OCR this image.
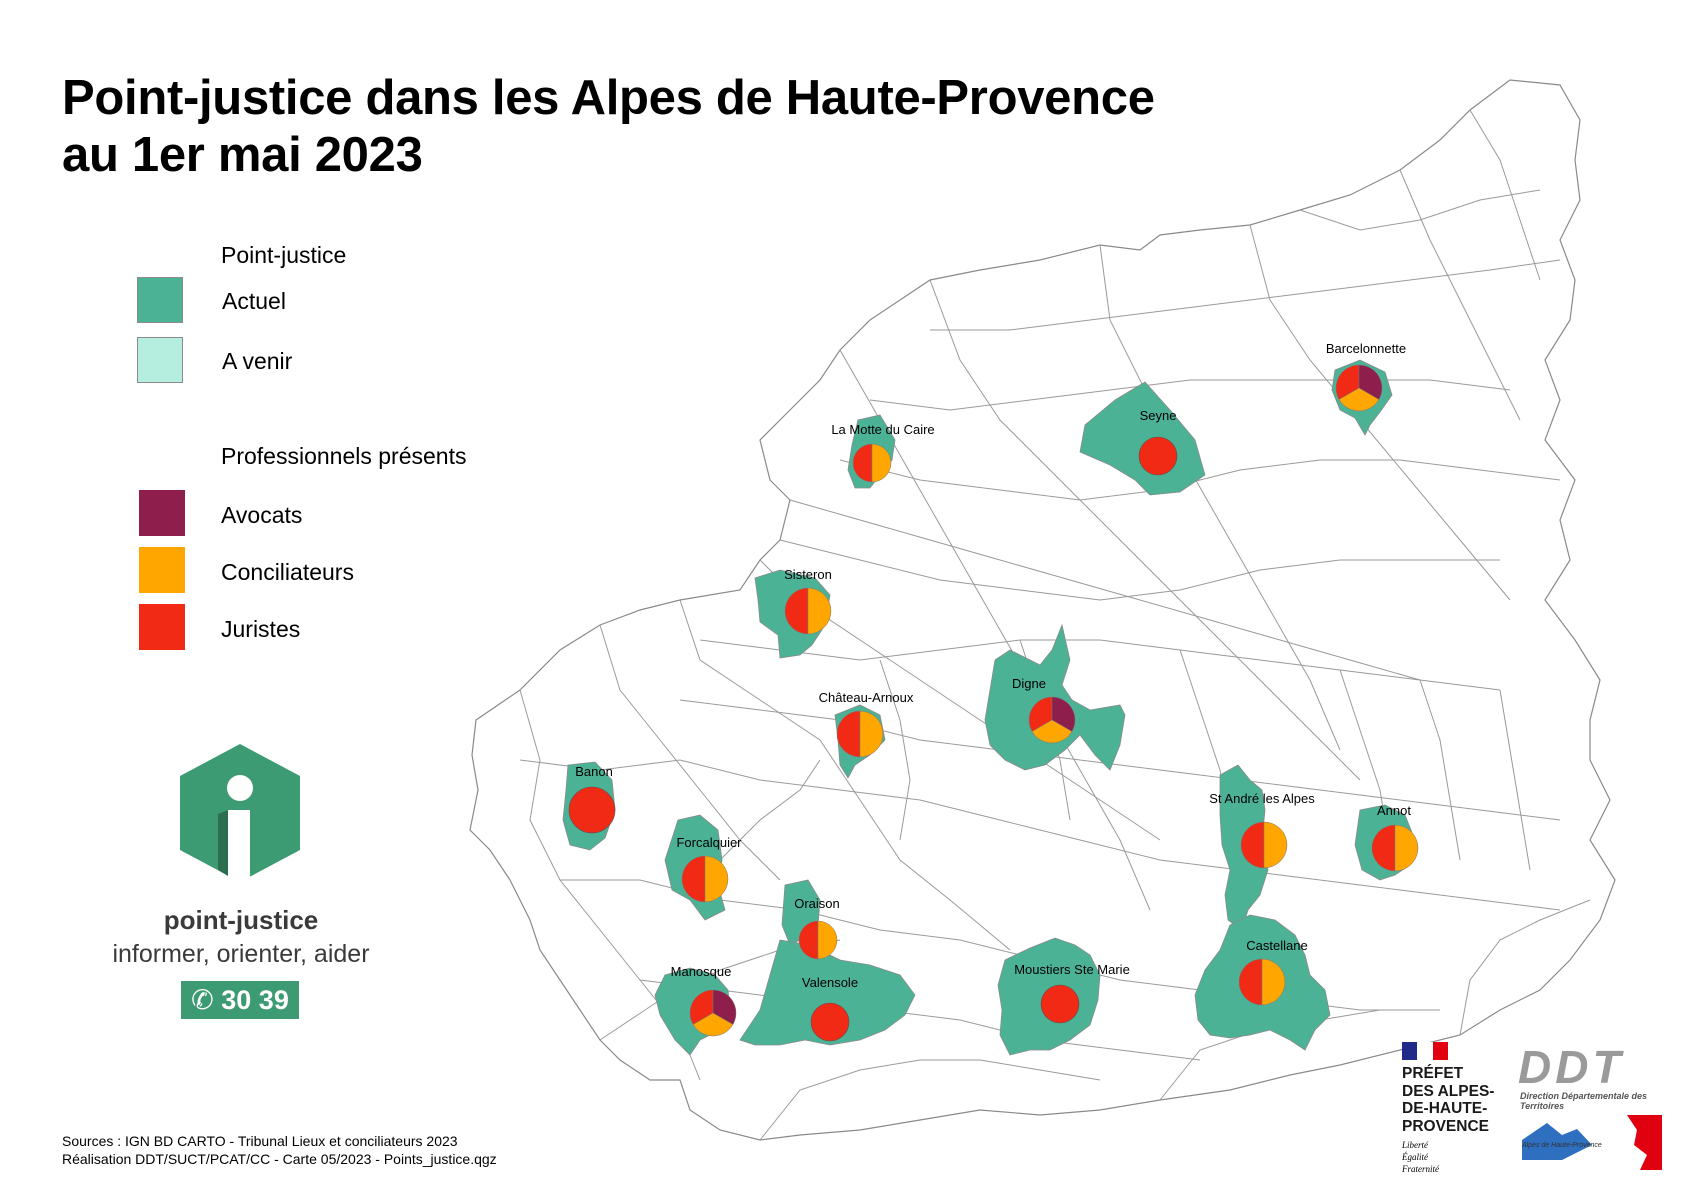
Barcelonnette
Seyne
La Motte du Caire
Sisteron
Château-Arnoux
Digne
Banon
Forcalquier
Oraison
Manosque
Valensole
Moustiers Ste Marie
St André les Alpes
Annot
Castellane
Point-justice dans les Alpes de Haute-Provence
au 1er mai 2023
Point-justice
Actuel
A venir
Professionnels présents
Avocats
Conciliateurs
Juristes
point-justice
informer, orienter, aider
✆ 30 39
Sources : IGN BD CARTO - Tribunal Lieux et conciliateurs 2023
Réalisation DDT/SUCT/PCAT/CC - Carte 05/2023 - Points_justice.qgz
PRÉFET
DES ALPES-
DE-HAUTE-
PROVENCE
Liberté
Égalité
Fraternité
DDT
Direction Départementale des Territoires
Alpes de Haute-Provence
